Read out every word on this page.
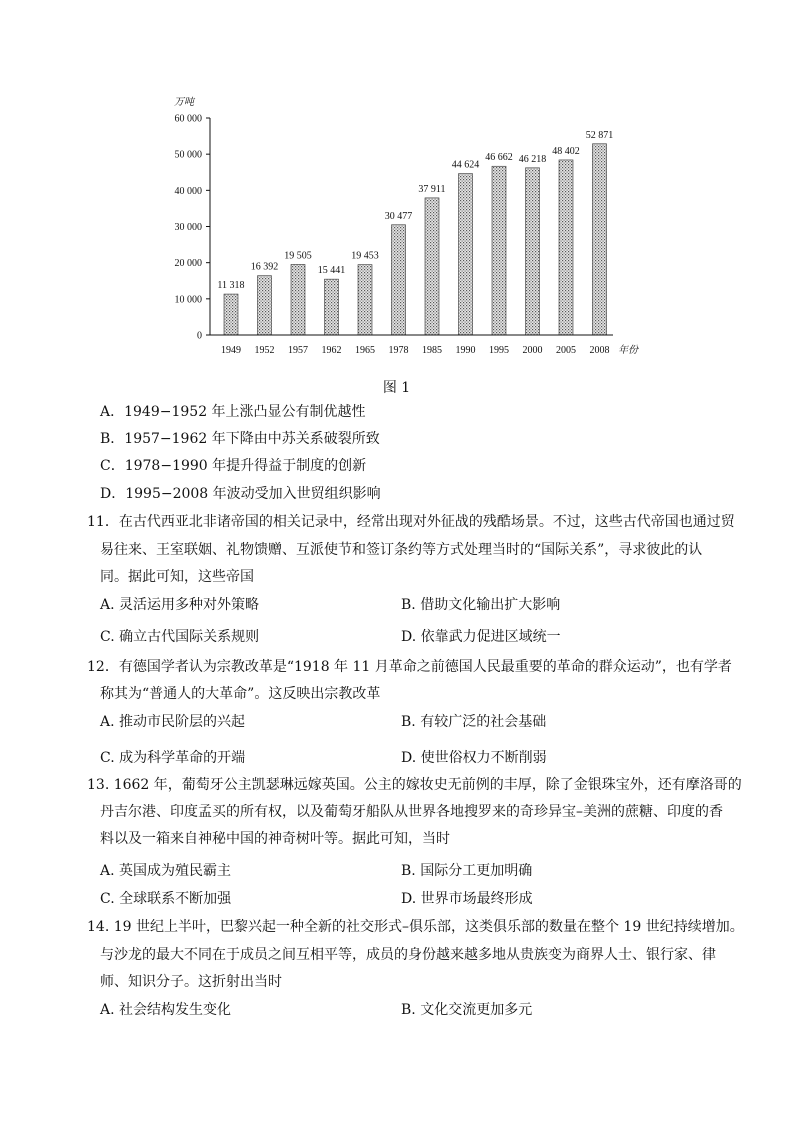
万吨
年份
0
10 000
20 000
30 000
40 000
50 000
60 000
11 318
16 392
19 505
15 441
19 453
30 477
37 911
44 624
46 662 46 218
48 402
52 871
1949 1952 1957 1962 1965 1978 1985 1990 1995 2000 2005 2008
图 1
A．1949−1952 年上涨凸显公有制优越性
B．1957−1962 年下降由中苏关系破裂所致
C．1978−1990 年提升得益于制度的创新
D．1995−2008 年波动受加入世贸组织影响
11．在古代西亚北非诸帝国的相关记录中，经常出现对外征战的残酷场景。不过，这些古代帝国也通过贸
易往来、王室联姻、礼物馈赠、互派使节和签订条约等方式处理当时的“国际关系”，寻求彼此的认
同。据此可知，这些帝国
A. 灵活运用多种对外策略	B. 借助文化输出扩大影响
C. 确立古代国际关系规则	D. 依靠武力促进区域统一
12．有德国学者认为宗教改革是“1918 年 11 月革命之前德国人民最重要的革命的群众运动”，也有学者
称其为“普通人的大革命”。这反映出宗教改革
A. 推动市民阶层的兴起	B. 有较广泛的社会基础
C. 成为科学革命的开端	D. 使世俗权力不断削弱
13. 1662 年，葡萄牙公主凯瑟琳远嫁英国。公主的嫁妆史无前例的丰厚，除了金银珠宝外，还有摩洛哥的
丹吉尔港、印度孟买的所有权，以及葡萄牙船队从世界各地搜罗来的奇珍异宝–美洲的蔗糖、印度的香
料以及一箱来自神秘中国的神奇树叶等。据此可知，当时
A. 英国成为殖民霸主	B. 国际分工更加明确
C. 全球联系不断加强	D. 世界市场最终形成
14. 19 世纪上半叶，巴黎兴起一种全新的社交形式–俱乐部，这类俱乐部的数量在整个 19 世纪持续增加。
与沙龙的最大不同在于成员之间互相平等，成员的身份越来越多地从贵族变为商界人士、银行家、律
师、知识分子。这折射出当时
A. 社会结构发生变化	B. 文化交流更加多元
